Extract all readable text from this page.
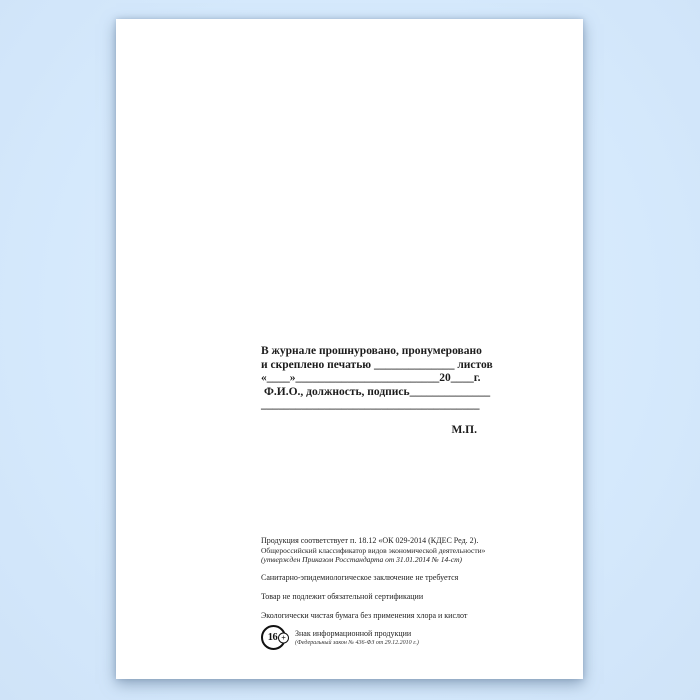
В журнале прошнуровано, пронумеровано
и скреплено печатью ______________ листов
«____»_________________________20____г.
Ф.И.О., должность, подпись______________
______________________________________
М.П.
Продукция соответствует п. 18.12 «ОК 029-2014 (КДЕС Ред. 2).
Общероссийский классификатор видов экономической деятельности»
(утвержден Приказом Росстандарта от 31.01.2014 № 14-ст)
Санитарно-эпидемиологическое заключение не требуется
Товар не подлежит обязательной сертификации
Экологически чистая бумага без применения хлора и кислот
16 +	Знак информационной продукции
(Федеральный закон № 436-ФЗ от 29.12.2010 г.)
